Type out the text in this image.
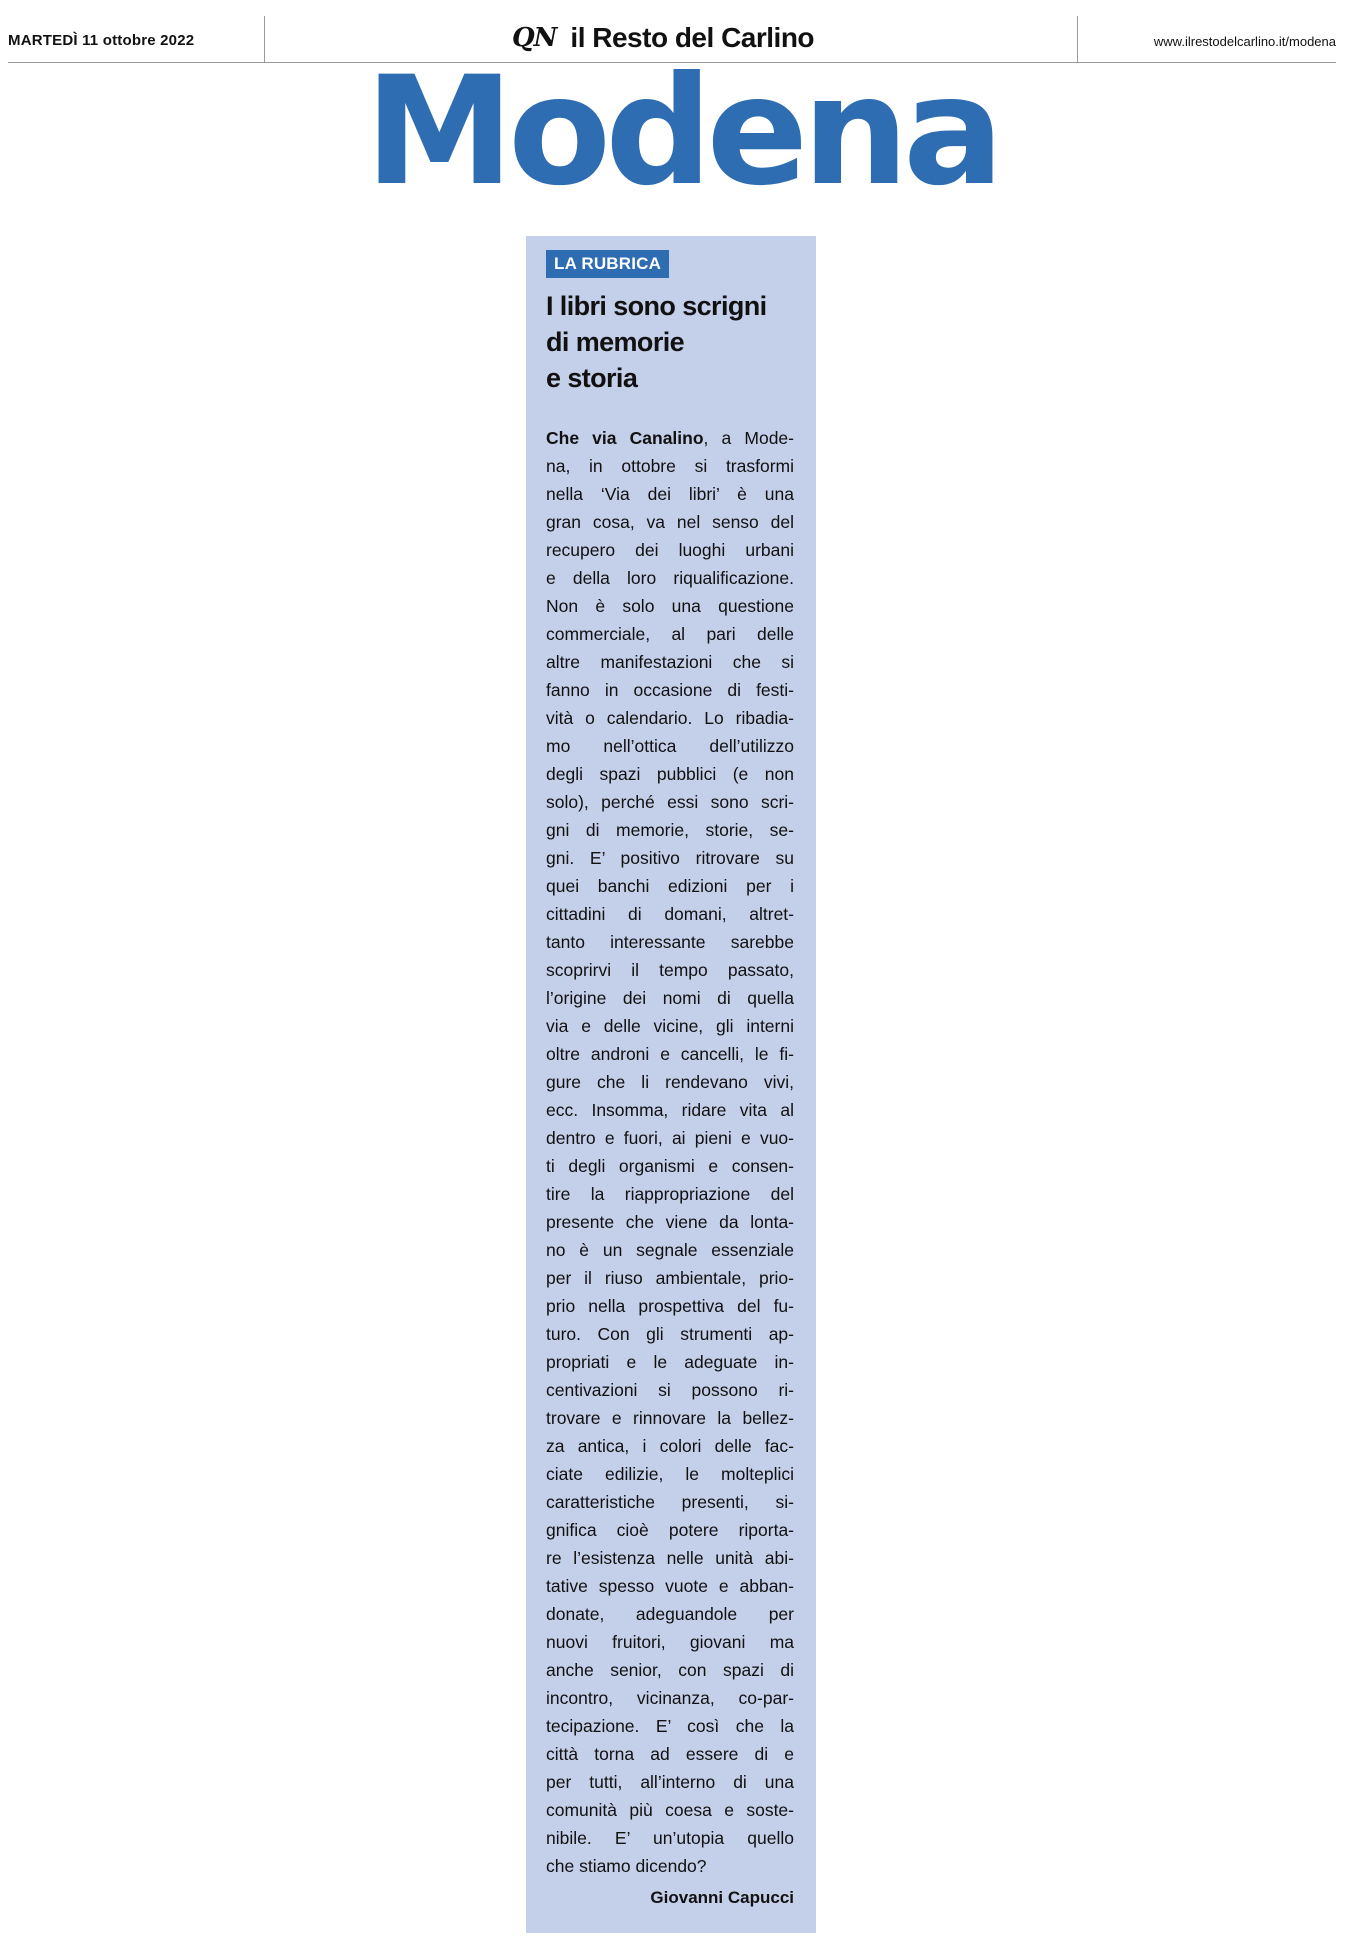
MARTEDÌ 11 ottobre 2022	QN il Resto del Carlino	www.ilrestodelcarlino.it/modena
Modena
LA RUBRICA
I libri sono scrigni
di memorie
e storia
Che via Canalino, a Mode-
na, in ottobre si trasformi
nella ‘Via dei libri’ è una
gran cosa, va nel senso del
recupero dei luoghi urbani
e della loro riqualificazione.
Non è solo una questione
commerciale, al pari delle
altre manifestazioni che si
fanno in occasione di festi-
vità o calendario. Lo ribadia-
mo nell’ottica dell’utilizzo
degli spazi pubblici (e non
solo), perché essi sono scri-
gni di memorie, storie, se-
gni. E’ positivo ritrovare su
quei banchi edizioni per i
cittadini di domani, altret-
tanto interessante sarebbe
scoprirvi il tempo passato,
l’origine dei nomi di quella
via e delle vicine, gli interni
oltre androni e cancelli, le fi-
gure che li rendevano vivi,
ecc. Insomma, ridare vita al
dentro e fuori, ai pieni e vuo-
ti degli organismi e consen-
tire la riappropriazione del
presente che viene da lonta-
no è un segnale essenziale
per il riuso ambientale, prio-
prio nella prospettiva del fu-
turo. Con gli strumenti ap-
propriati e le adeguate in-
centivazioni si possono ri-
trovare e rinnovare la bellez-
za antica, i colori delle fac-
ciate edilizie, le molteplici
caratteristiche presenti, si-
gnifica cioè potere riporta-
re l’esistenza nelle unità abi-
tative spesso vuote e abban-
donate, adeguandole per
nuovi fruitori, giovani ma
anche senior, con spazi di
incontro, vicinanza, co-par-
tecipazione. E’ così che la
città torna ad essere di e
per tutti, all’interno di una
comunità più coesa e soste-
nibile. E’ un’utopia quello
che stiamo dicendo?
Giovanni Capucci
